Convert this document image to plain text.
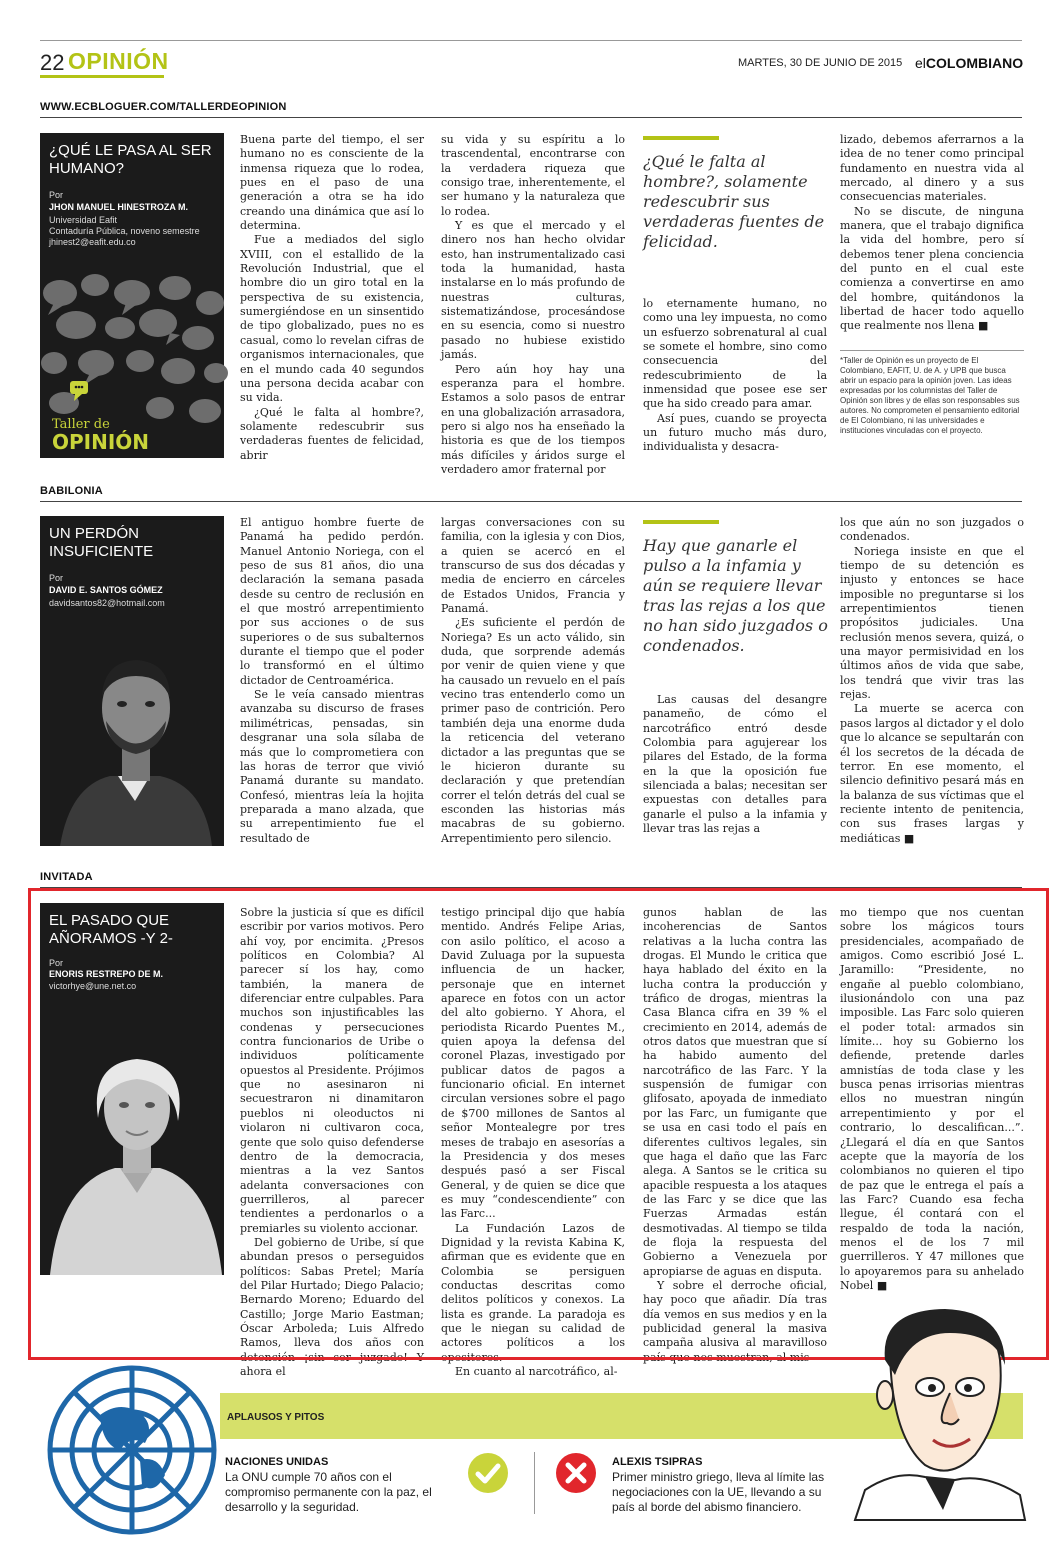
22 OPINIÓN	MARTES, 30 DE JUNIO DE 2015 elCOLOMBIANO
WWW.ECBLOGUER.COM/TALLERDEOPINION
¿QUÉ LE PASA AL SER HUMANO?
Por
JHON MANUEL HINESTROZA M.
Universidad Eafit
Contaduría Pública, noveno semestre
jhinest2@eafit.edu.co
Taller de
OPINIÓN

Buena parte del tiempo, el ser humano no es consciente de la inmensa riqueza que lo rodea, pues en el paso de una generación a otra se ha ido creando una dinámica que así lo determina.

Fue a mediados del siglo XVIII, con el estallido de la Revolución Industrial, que el hombre dio un giro total en la perspectiva de su existencia, sumergiéndose en un sinsentido de tipo globalizado, pues no es casual, como lo revelan cifras de organismos internacionales, que en el mundo cada 40 segundos una persona decida acabar con su vida.

¿Qué le falta al hombre?, solamente redescubrir sus verdaderas fuentes de felicidad, abrir

su vida y su espíritu a lo trascendental, encontrarse con la verdadera riqueza que consigo trae, inherentemente, el ser humano y la naturaleza que lo rodea.

Y es que el mercado y el dinero nos han hecho olvidar esto, han instrumentalizado casi toda la humanidad, hasta instalarse en lo más profundo de nuestras culturas, sistematizándose, procesándose en su esencia, como si nuestro pasado no hubiese existido jamás.

Pero aún hoy hay una esperanza para el hombre. Estamos a solo pasos de entrar en una globalización arrasadora, pero si algo nos ha enseñado la historia es que de los tiempos más difíciles y áridos surge el verdadero amor fraternal por

¿Qué le falta al hombre?, solamente redescubrir sus verdaderas fuentes de felicidad.

lo eternamente humano, no como una ley impuesta, no como un esfuerzo sobrenatural al cual se somete el hombre, sino como consecuencia del redescubrimiento de la inmensidad que posee ese ser que ha sido creado para amar.

Así pues, cuando se proyecta un futuro mucho más duro, individualista y desacra-

lizado, debemos aferrarnos a la idea de no tener como principal fundamento en nuestra vida al mercado, al dinero y a sus consecuencias materiales.

No se discute, de ninguna manera, que el trabajo dignifica la vida del hombre, pero sí debemos tener plena conciencia del punto en el cual este comienza a convertirse en amo del hombre, quitándonos la libertad de hacer todo aquello que realmente nos llena ■

*Taller de Opinión es un proyecto de El Colombiano, EAFIT, U. de A. y UPB que busca abrir un espacio para la opinión joven. Las ideas expresadas por los columnistas del Taller de Opinión son libres y de ellas son responsables sus autores. No comprometen el pensamiento editorial de El Colombiano, ni las universidades e instituciones vinculadas con el proyecto.
BABILONIA
UN PERDÓN INSUFICIENTE
Por
DAVID E. SANTOS GÓMEZ
davidsantos82@hotmail.com

El antiguo hombre fuerte de Panamá ha pedido perdón. Manuel Antonio Noriega, con el peso de sus 81 años, dio una declaración la semana pasada desde su centro de reclusión en el que mostró arrepentimiento por sus acciones o de sus superiores o de sus subalternos durante el tiempo que el poder lo transformó en el último dictador de Centroamérica.

Se le veía cansado mientras avanzaba su discurso de frases milimétricas, pensadas, sin desgranar una sola sílaba de más que lo comprometiera con las horas de terror que vivió Panamá durante su mandato. Confesó, mientras leía la hojita preparada a mano alzada, que su arrepentimiento fue el resultado de

largas conversaciones con su familia, con la iglesia y con Dios, a quien se acercó en el transcurso de sus dos décadas y media de encierro en cárceles de Estados Unidos, Francia y Panamá.

¿Es suficiente el perdón de Noriega? Es un acto válido, sin duda, que sorprende además por venir de quien viene y que ha causado un revuelo en el país vecino tras entenderlo como un primer paso de contrición. Pero también deja una enorme duda la reticencia del veterano dictador a las preguntas que se le hicieron durante su declaración y que pretendían correr el telón detrás del cual se esconden las historias más macabras de su gobierno. Arrepentimiento pero silencio.

Hay que ganarle el pulso a la infamia y aún se requiere llevar tras las rejas a los que no han sido juzgados o condenados.

Las causas del desangre panameño, de cómo el narcotráfico entró desde Colombia para agujerear los pilares del Estado, de la forma en la que la oposición fue silenciada a balas; necesitan ser expuestas con detalles para ganarle el pulso a la infamia y llevar tras las rejas a

los que aún no son juzgados o condenados.

Noriega insiste en que el tiempo de su detención es injusto y entonces se hace imposible no preguntarse si los arrepentimientos tienen propósitos judiciales. Una reclusión menos severa, quizá, o una mayor permisividad en los últimos años de vida que sabe, los tendrá que vivir tras las rejas.

La muerte se acerca con pasos largos al dictador y el dolo que lo alcance se sepultarán con él los secretos de la década de terror. En ese momento, el silencio definitivo pesará más en la balanza de sus víctimas que el reciente intento de penitencia, con sus frases largas y mediáticas ■

INVITADA
EL PASADO QUE AÑORAMOS -Y 2-
Por
ENORIS RESTREPO DE M.
victorhye@une.net.co

Sobre la justicia sí que es difícil escribir por varios motivos. Pero ahí voy, por encimita. ¿Presos políticos en Colombia? Al parecer sí los hay, como también, la manera de diferenciar entre culpables. Para muchos son injustificables las condenas y persecuciones contra funcionarios de Uribe o individuos políticamente opuestos al Presidente. Prójimos que no asesinaron ni secuestraron ni dinamitaron pueblos ni oleoductos ni violaron ni cultivaron coca, gente que solo quiso defenderse dentro de la democracia, mientras a la vez Santos adelanta conversaciones con guerrilleros, al parecer tendientes a perdonarlos o a premiarles su violento accionar.

Del gobierno de Uribe, sí que abundan presos o perseguidos políticos: Sabas Pretel; María del Pilar Hurtado; Diego Palacio; Bernardo Moreno; Eduardo del Castillo; Jorge Mario Eastman; Óscar Arboleda; Luis Alfredo Ramos, lleva dos años con detención ¡sin ser juzgado! Y ahora el

testigo principal dijo que había mentido. Andrés Felipe Arias, con asilo político, el acoso a David Zuluaga por la supuesta influencia de un hacker, personaje que en internet aparece en fotos con un actor del alto gobierno. Y Ahora, el periodista Ricardo Puentes M., quien apoya la defensa del coronel Plazas, investigado por publicar datos de pagos a funcionario oficial. En internet circulan versiones sobre el pago de $700 millones de Santos al señor Montealegre por tres meses de trabajo en asesorías a la Presidencia y dos meses después pasó a ser Fiscal General, y de quien se dice que es muy “condescendiente” con las Farc...

La Fundación Lazos de Dignidad y la revista Kabina K, afirman que es evidente que en Colombia se persiguen conductas descritas como delitos políticos y conexos. La lista es grande. La paradoja es que le niegan su calidad de actores políticos a los opositores.

En cuanto al narcotráfico, al-

gunos hablan de las incoherencias de Santos relativas a la lucha contra las drogas. El Mundo le critica que haya hablado del éxito en la lucha contra la producción y tráfico de drogas, mientras la Casa Blanca cifra en 39 % el crecimiento en 2014, además de otros datos que muestran que sí ha habido aumento del narcotráfico de las Farc. Y la suspensión de fumigar con glifosato, apoyada de inmediato por las Farc, un fumigante que se usa en casi todo el país en diferentes cultivos legales, sin que haga el daño que las Farc alega. A Santos se le critica su apacible respuesta a los ataques de las Farc y se dice que las Fuerzas Armadas están desmotivadas. Al tiempo se tilda de floja la respuesta del Gobierno a Venezuela por apropiarse de aguas en disputa.

Y sobre el derroche oficial, hay poco que añadir. Día tras día vemos en sus medios y en la publicidad general la masiva campaña alusiva al maravilloso país que nos muestran, al mis-

mo tiempo que nos cuentan sobre los mágicos tours presidenciales, acompañado de amigos. Como escribió José L. Jaramillo: “Presidente, no engañe al pueblo colombiano, ilusionándolo con una paz imposible. Las Farc solo quieren el poder total: armados sin límite... hoy su Gobierno los defiende, pretende darles amnistías de toda clase y les busca penas irrisorias mientras ellos no muestran ningún arrepentimiento y por el contrario, lo descalifican...”. ¿Llegará el día en que Santos acepte que la mayoría de los colombianos no quieren el tipo de paz que le entrega el país a las Farc? Cuando esa fecha llegue, él contará con el respaldo de toda la nación, menos el de los 7 mil guerrilleros. Y 47 millones que lo apoyaremos para su anhelado Nobel ■

APLAUSOS Y PITOS
NACIONES UNIDAS
La ONU cumple 70 años con el compromiso permanente con la paz, el desarrollo y la seguridad.
ALEXIS TSIPRAS
Primer ministro griego, lleva al límite las negociaciones con la UE, llevando a su país al borde del abismo financiero.
